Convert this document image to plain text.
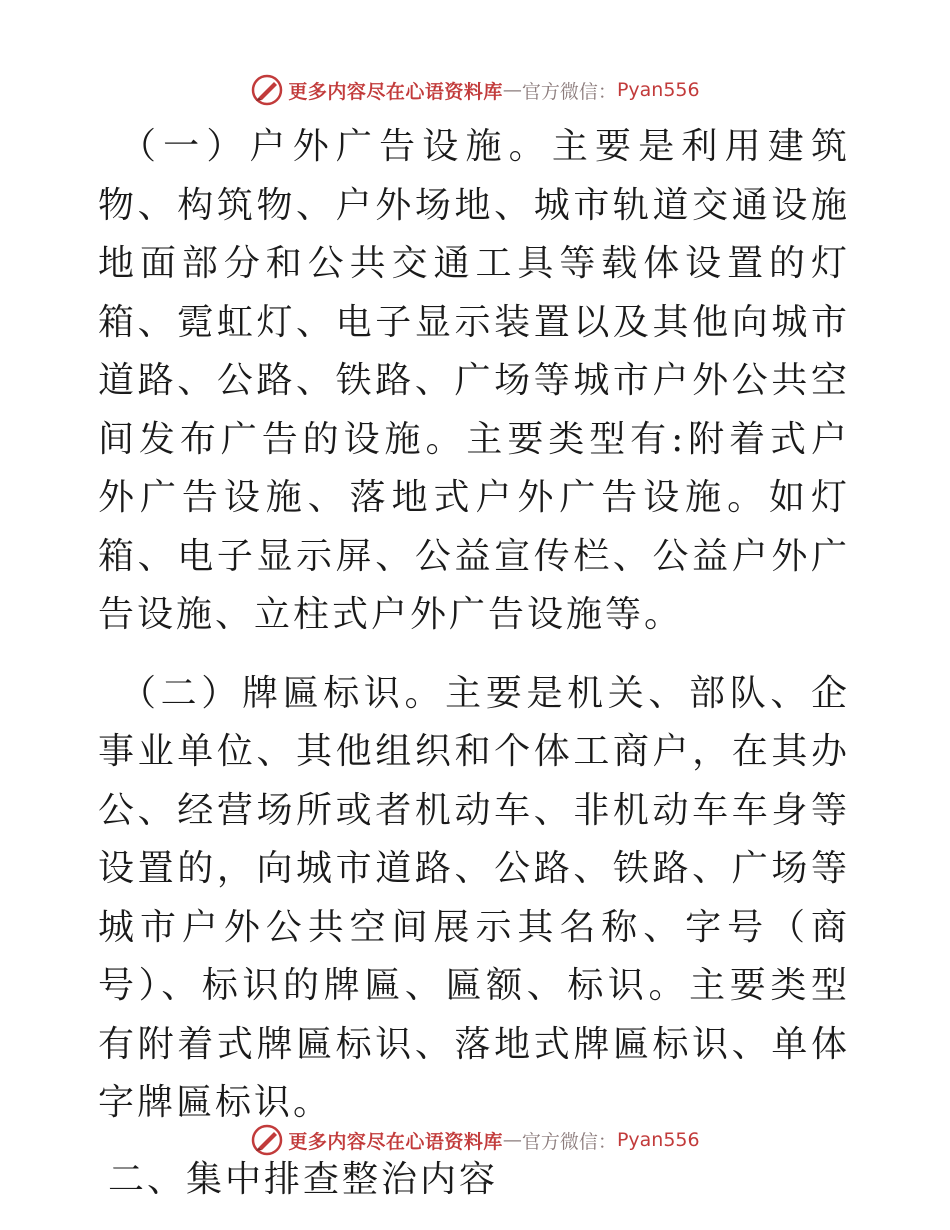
更多内容尽在心语资料库 — 官方微信： Pyan556

（一）户外广告设施。主要是利用建筑物、构筑物、户外场地、城市轨道交通设施地面部分和公共交通工具等载体设置的灯箱、霓虹灯、电子显示装置以及其他向城市道路、公路、铁路、广场等城市户外公共空间发布广告的设施。主要类型有:附着式户外广告设施、落地式户外广告设施。如灯箱、电子显示屏、公益宣传栏、公益户外广告设施、立柱式户外广告设施等。

（二）牌匾标识。主要是机关、部队、企事业单位、其他组织和个体工商户，在其办公、经营场所或者机动车、非机动车车身等设置的，向城市道路、公路、铁路、广场等城市户外公共空间展示其名称、字号（商号）、标识的牌匾、匾额、标识。主要类型有附着式牌匾标识、落地式牌匾标识、单体字牌匾标识。

二、集中排查整治内容
更多内容尽在心语资料库 — 官方微信： Pyan556
